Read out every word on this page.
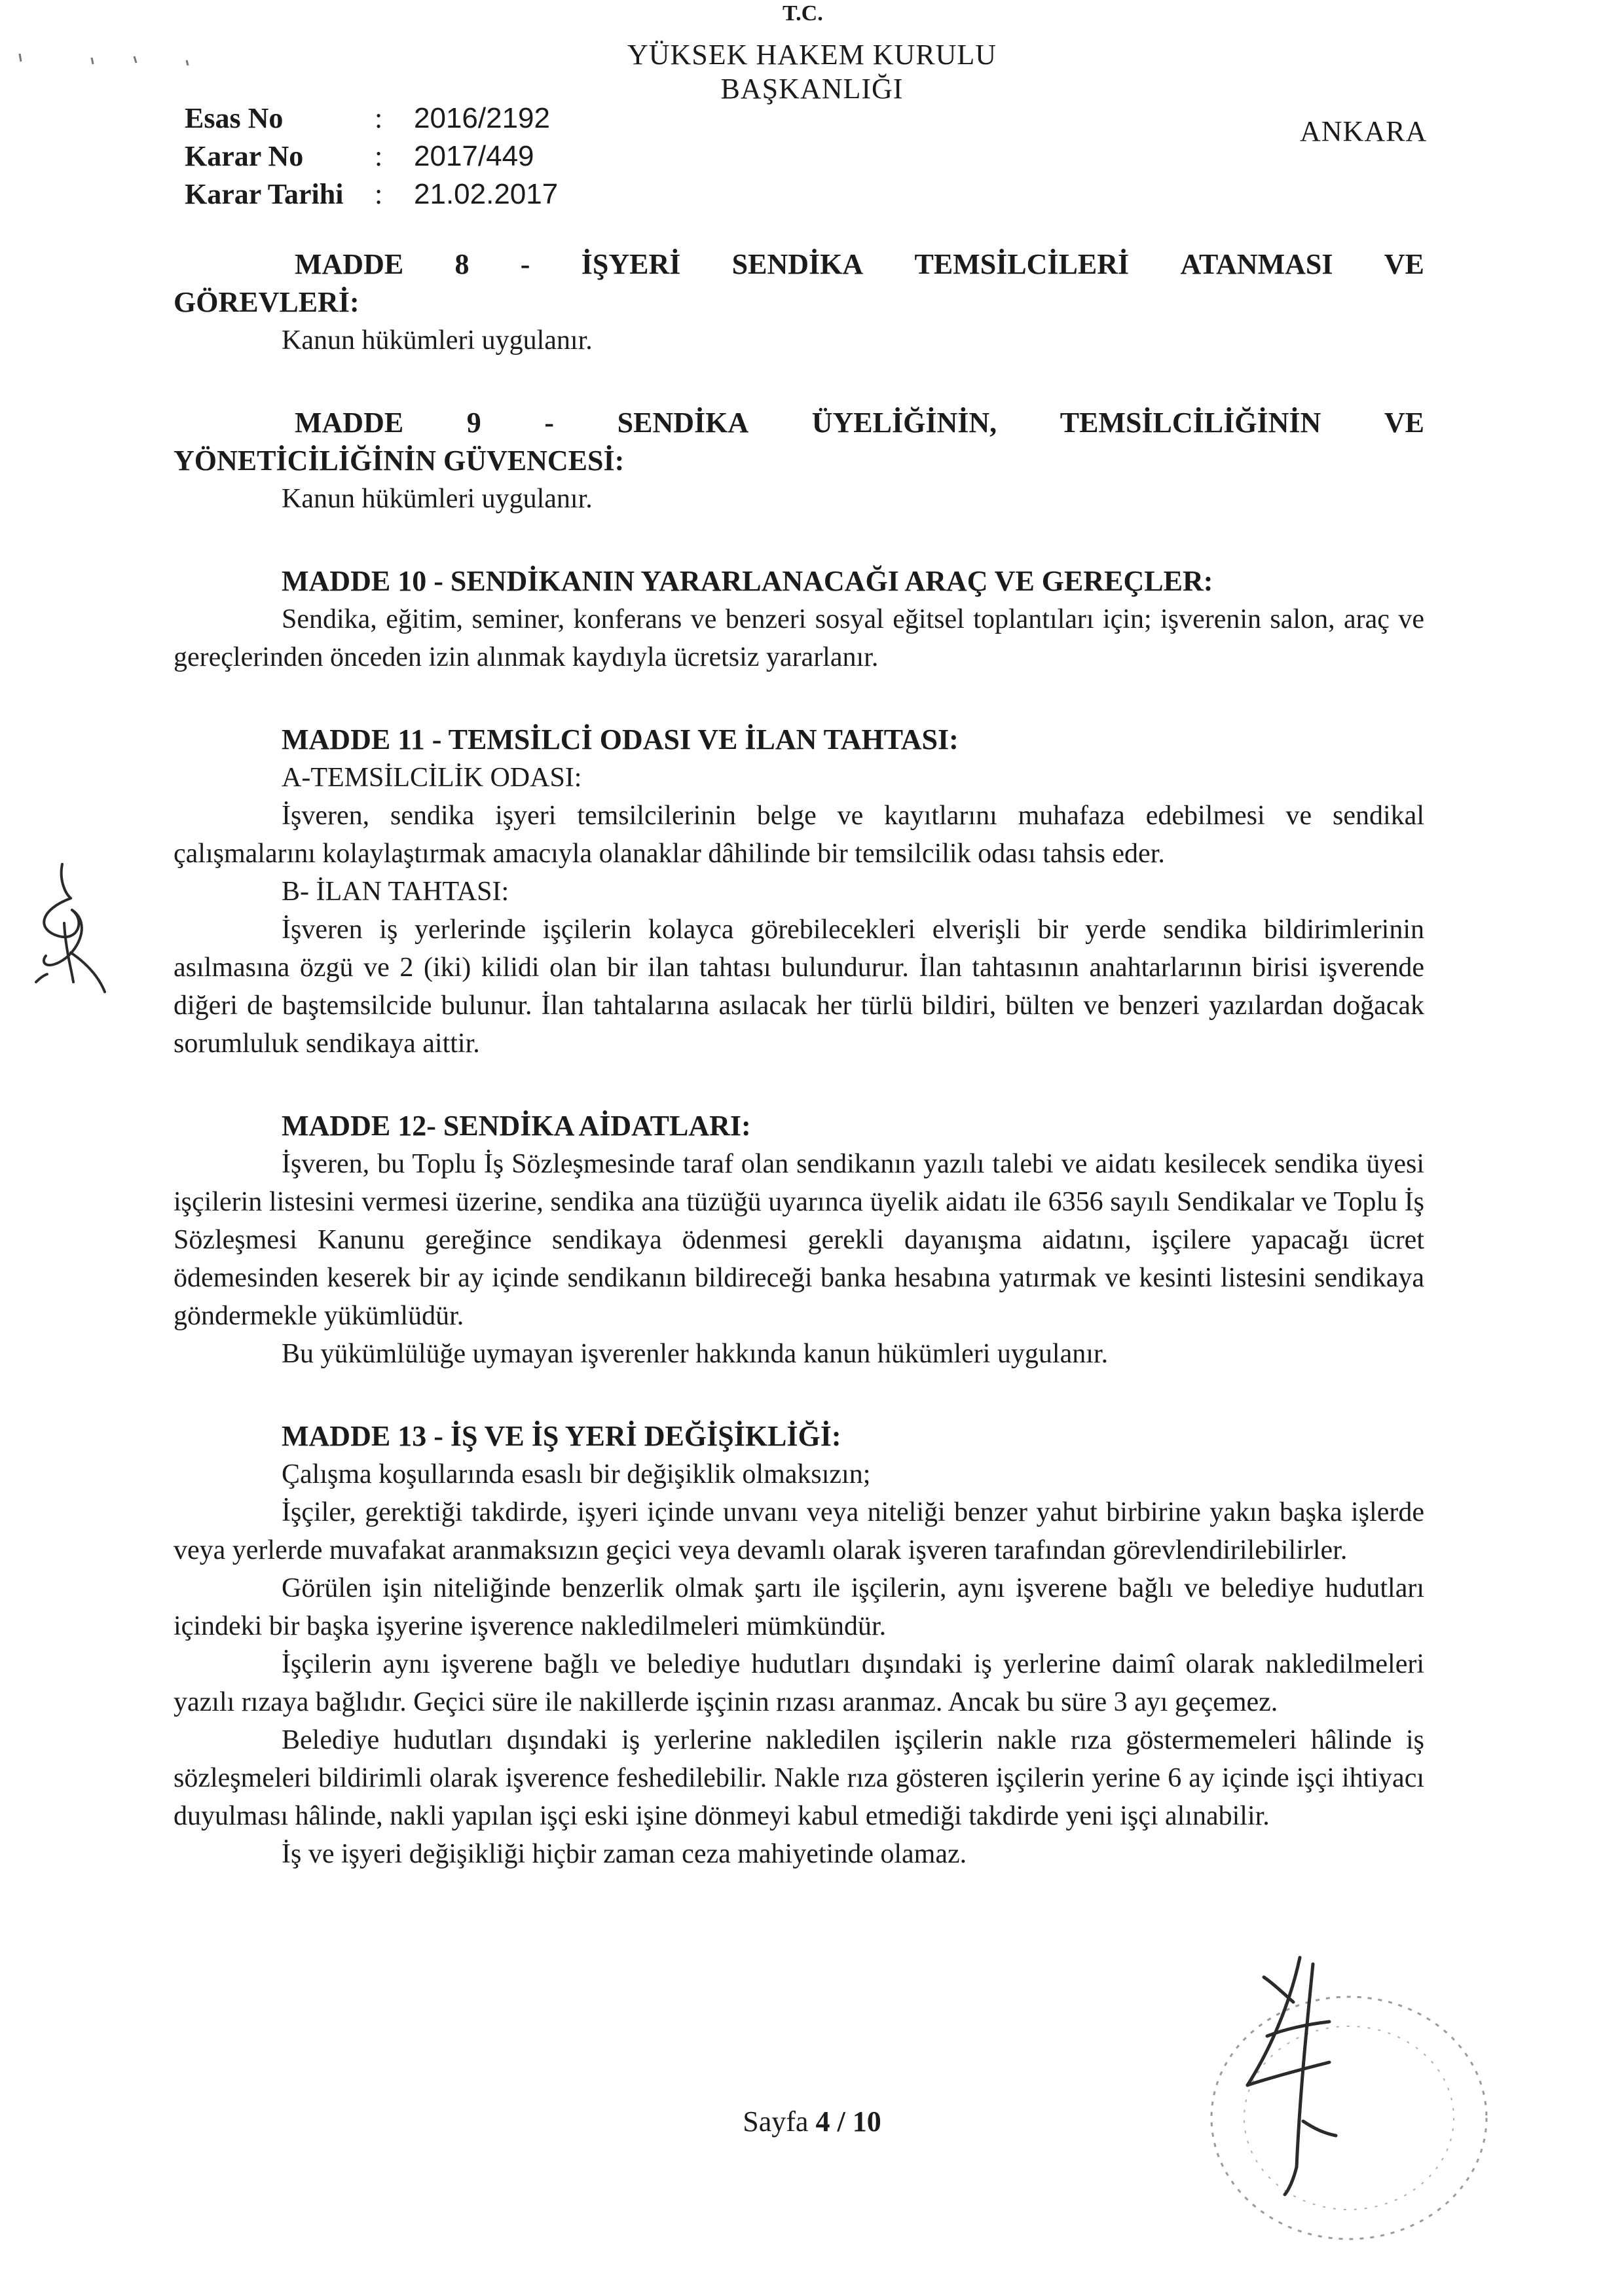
T.C.
YÜKSEK HAKEM KURULU
BAŞKANLIĞI
ANKARA
Esas No	:	2016/2192
Karar No	:	2017/449
Karar Tarihi	:	21.02.2017
MADDE 8 - İŞYERİ SENDİKA TEMSİLCİLERİ ATANMASI VE
GÖREVLERİ:

Kanun hükümleri uygulanır.

MADDE 9 - SENDİKA ÜYELİĞİNİN, TEMSİLCİLİĞİNİN VE
YÖNETİCİLİĞİNİN GÜVENCESİ:

Kanun hükümleri uygulanır.

MADDE 10 - SENDİKANIN YARARLANACAĞI ARAÇ VE GEREÇLER:

Sendika, eğitim, seminer, konferans ve benzeri sosyal eğitsel toplantıları için; işverenin salon, araç ve gereçlerinden önceden izin alınmak kaydıyla ücretsiz yararlanır.

MADDE 11 - TEMSİLCİ ODASI VE İLAN TAHTASI:

A-TEMSİLCİLİK ODASI:

İşveren, sendika işyeri temsilcilerinin belge ve kayıtlarını muhafaza edebilmesi ve sendikal çalışmalarını kolaylaştırmak amacıyla olanaklar dâhilinde bir temsilcilik odası tahsis eder.

B- İLAN TAHTASI:

İşveren iş yerlerinde işçilerin kolayca görebilecekleri elverişli bir yerde sendika bildirimlerinin asılmasına özgü ve 2 (iki) kilidi olan bir ilan tahtası bulundurur. İlan tahtasının anahtarlarının birisi işverende diğeri de baştemsilcide bulunur. İlan tahtalarına asılacak her türlü bildiri, bülten ve benzeri yazılardan doğacak sorumluluk sendikaya aittir.

MADDE 12- SENDİKA AİDATLARI:

İşveren, bu Toplu İş Sözleşmesinde taraf olan sendikanın yazılı talebi ve aidatı kesilecek sendika üyesi işçilerin listesini vermesi üzerine, sendika ana tüzüğü uyarınca üyelik aidatı ile 6356 sayılı Sendikalar ve Toplu İş Sözleşmesi Kanunu gereğince sendikaya ödenmesi gerekli dayanışma aidatını, işçilere yapacağı ücret ödemesinden keserek bir ay içinde sendikanın bildireceği banka hesabına yatırmak ve kesinti listesini sendikaya göndermekle yükümlüdür.

Bu yükümlülüğe uymayan işverenler hakkında kanun hükümleri uygulanır.

MADDE 13 - İŞ VE İŞ YERİ DEĞİŞİKLİĞİ:

Çalışma koşullarında esaslı bir değişiklik olmaksızın;

İşçiler, gerektiği takdirde, işyeri içinde unvanı veya niteliği benzer yahut birbirine yakın başka işlerde veya yerlerde muvafakat aranmaksızın geçici veya devamlı olarak işveren tarafından görevlendirilebilirler.

Görülen işin niteliğinde benzerlik olmak şartı ile işçilerin, aynı işverene bağlı ve belediye hudutları içindeki bir başka işyerine işverence nakledilmeleri mümkündür.

İşçilerin aynı işverene bağlı ve belediye hudutları dışındaki iş yerlerine daimî olarak nakledilmeleri yazılı rızaya bağlıdır. Geçici süre ile nakillerde işçinin rızası aranmaz. Ancak bu süre 3 ayı geçemez.

Belediye hudutları dışındaki iş yerlerine nakledilen işçilerin nakle rıza göstermemeleri hâlinde iş sözleşmeleri bildirimli olarak işverence feshedilebilir. Nakle rıza gösteren işçilerin yerine 6 ay içinde işçi ihtiyacı duyulması hâlinde, nakli yapılan işçi eski işine dönmeyi kabul etmediği takdirde yeni işçi alınabilir.

İş ve işyeri değişikliği hiçbir zaman ceza mahiyetinde olamaz.

Sayfa 4 / 10
